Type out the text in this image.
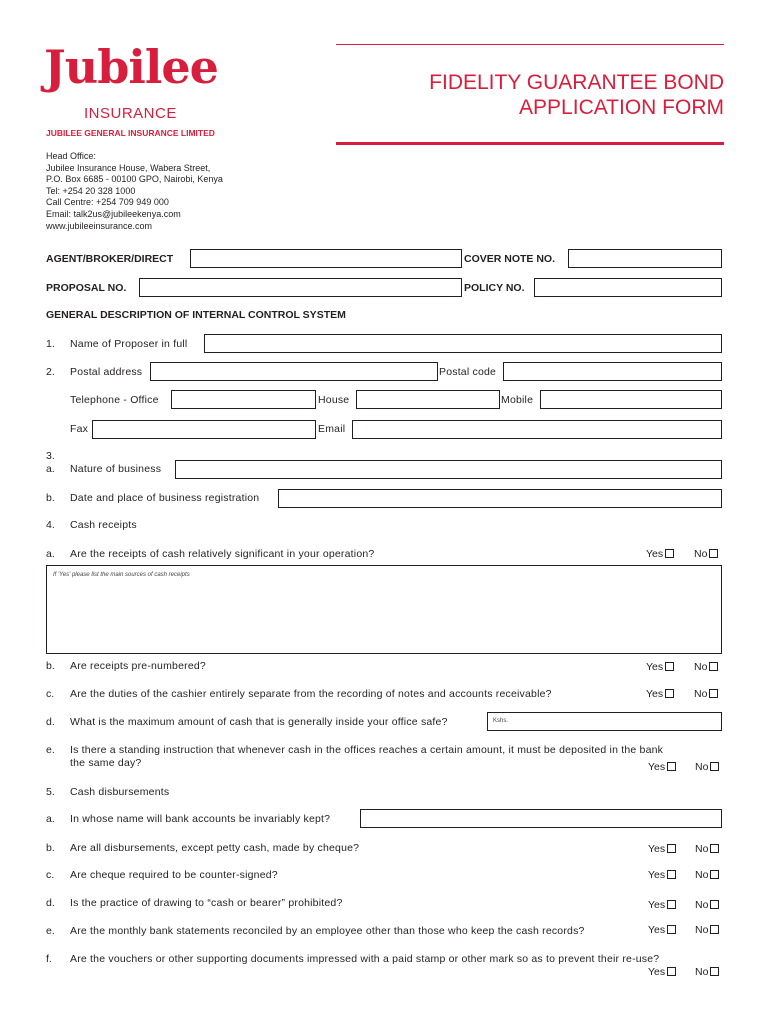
Jubilee
INSURANCE
JUBILEE GENERAL INSURANCE LIMITED
FIDELITY GUARANTEE BOND
APPLICATION FORM
Head Office:
Jubilee Insurance House, Wabera Street,
P.O. Box 6685 - 00100 GPO, Nairobi, Kenya
Tel: +254 20 328 1000
Call Centre: +254 709 949 000
Email: talk2us@jubileekenya.com
www.jubileeinsurance.com
AGENT/BROKER/DIRECT	COVER NOTE NO.
PROPOSAL NO.	POLICY NO.
GENERAL DESCRIPTION OF INTERNAL CONTROL SYSTEM
1. Name of Proposer in full
2. Postal address	Postal code
Telephone - Office	House	Mobile
Fax	Email
3.
a. Nature of business
b. Date and place of business registration
4. Cash receipts
a. Are the receipts of cash relatively significant in your operation?	Yes	No
If 'Yes' please list the main sources of cash receipts
b. Are receipts pre-numbered?	Yes	No
c. Are the duties of the cashier entirely separate from the recording of notes and accounts receivable?	Yes	No
d. What is the maximum amount of cash that is generally inside your office safe?	Kshs.
e. Is there a standing instruction that whenever cash in the offices reaches a certain amount, it must be deposited in the bank
the same day?	Yes	No
5. Cash disbursements
a. In whose name will bank accounts be invariably kept?
b. Are all disbursements, except petty cash, made by cheque?	Yes	No
c. Are cheque required to be counter-signed?	Yes	No
d. Is the practice of drawing to “cash or bearer” prohibited?	Yes	No
e. Are the monthly bank statements reconciled by an employee other than those who keep the cash records?	Yes	No
f. Are the vouchers or other supporting documents impressed with a paid stamp or other mark so as to prevent their re-use?
Yes	No
